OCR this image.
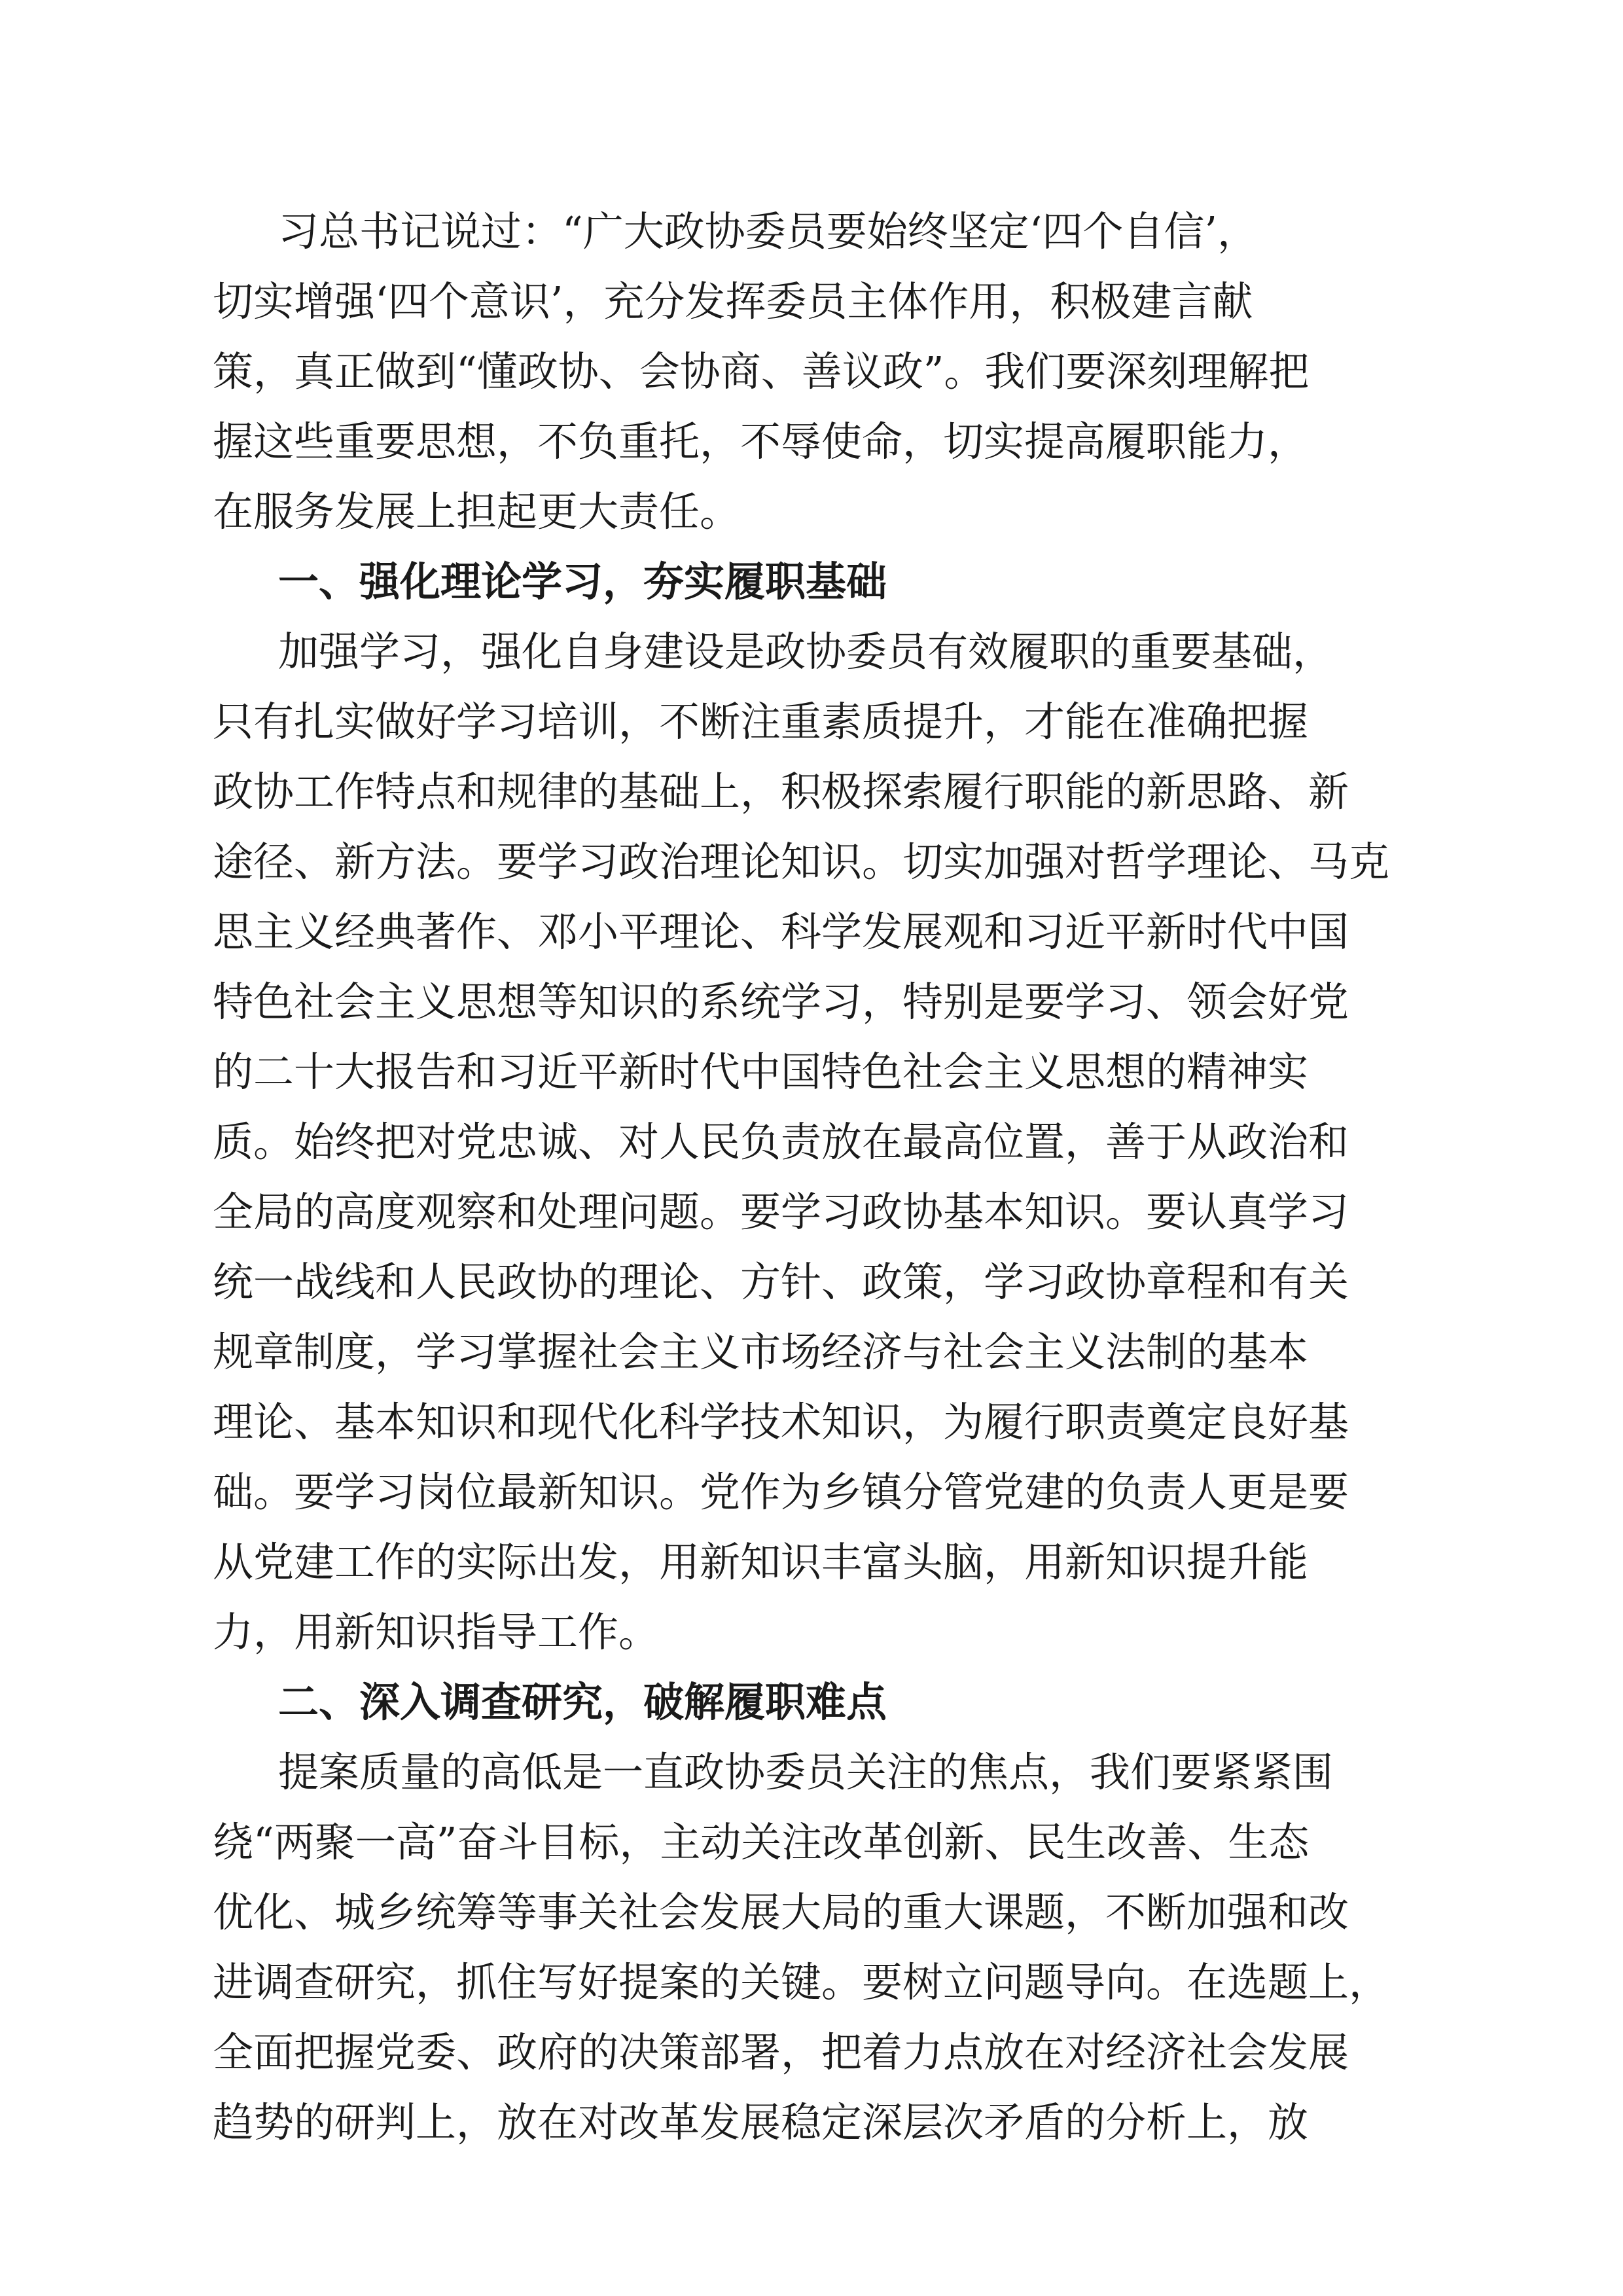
习总书记说过：“广大政协委员要始终坚定‘四个自信’，
切实增强‘四个意识’，充分发挥委员主体作用，积极建言献
策，真正做到“懂政协、会协商、善议政”。我们要深刻理解把
握这些重要思想，不负重托，不辱使命，切实提高履职能力，
在服务发展上担起更大责任。
一、强化理论学习，夯实履职基础
加强学习，强化自身建设是政协委员有效履职的重要基础，
只有扎实做好学习培训，不断注重素质提升，才能在准确把握
政协工作特点和规律的基础上，积极探索履行职能的新思路、新
途径、新方法。要学习政治理论知识。切实加强对哲学理论、马克
思主义经典著作、邓小平理论、科学发展观和习近平新时代中国
特色社会主义思想等知识的系统学习，特别是要学习、领会好党
的二十大报告和习近平新时代中国特色社会主义思想的精神实
质。始终把对党忠诚、对人民负责放在最高位置，善于从政治和
全局的高度观察和处理问题。要学习政协基本知识。要认真学习
统一战线和人民政协的理论、方针、政策，学习政协章程和有关
规章制度，学习掌握社会主义市场经济与社会主义法制的基本
理论、基本知识和现代化科学技术知识，为履行职责奠定良好基
础。要学习岗位最新知识。党作为乡镇分管党建的负责人更是要
从党建工作的实际出发，用新知识丰富头脑，用新知识提升能
力，用新知识指导工作。
二、深入调查研究，破解履职难点
提案质量的高低是一直政协委员关注的焦点，我们要紧紧围
绕“两聚一高”奋斗目标，主动关注改革创新、民生改善、生态
优化、城乡统筹等事关社会发展大局的重大课题，不断加强和改
进调查研究，抓住写好提案的关键。要树立问题导向。在选题上，
全面把握党委、政府的决策部署，把着力点放在对经济社会发展
趋势的研判上，放在对改革发展稳定深层次矛盾的分析上，放
